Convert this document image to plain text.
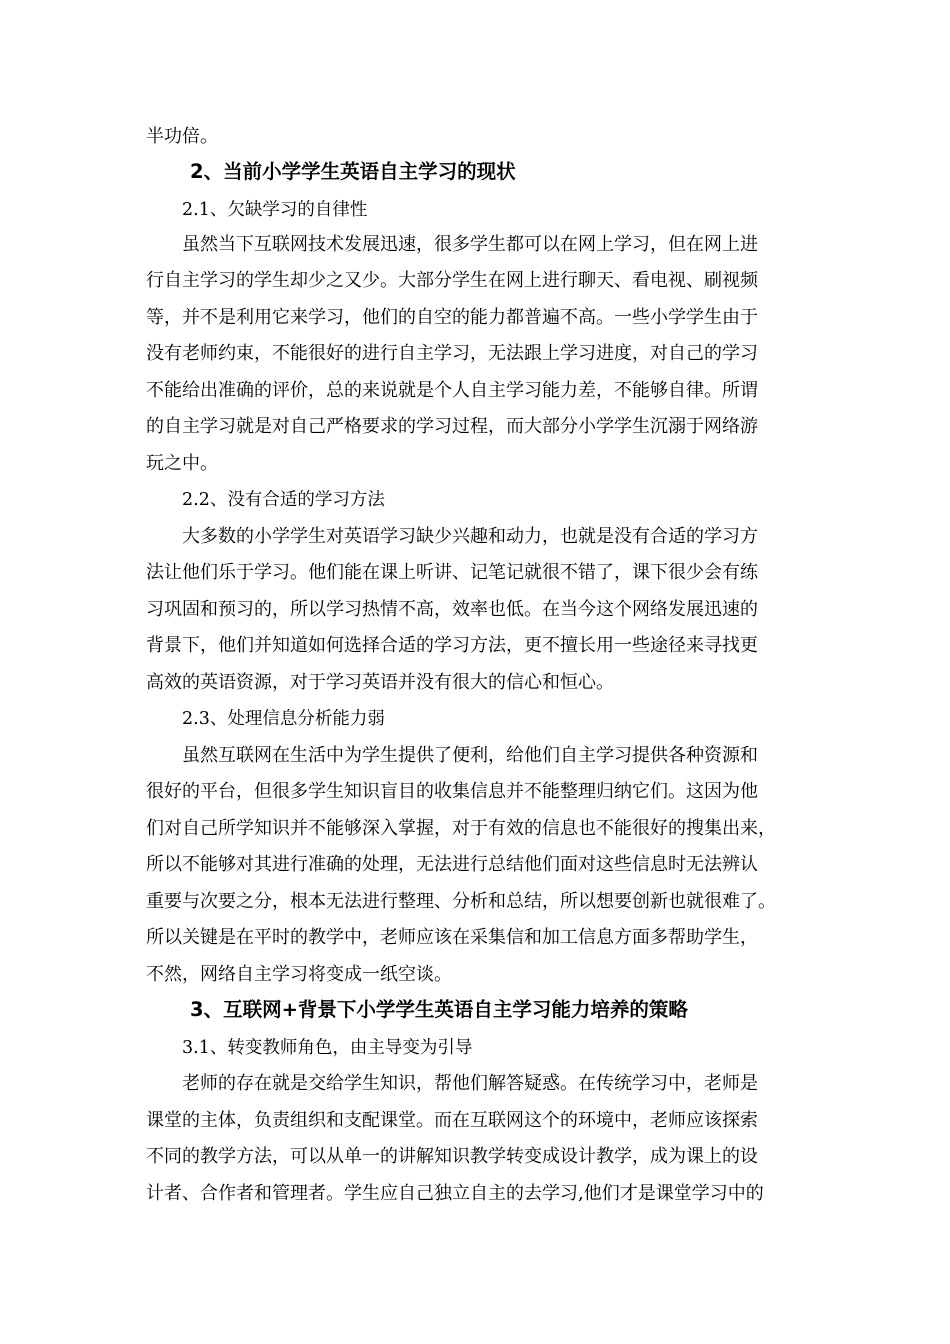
半功倍。
2、当前小学学生英语自主学习的现状
2.1、欠缺学习的自律性
虽然当下互联网技术发展迅速，很多学生都可以在网上学习，但在网上进
行自主学习的学生却少之又少。大部分学生在网上进行聊天、看电视、刷视频
等，并不是利用它来学习，他们的自空的能力都普遍不高。一些小学学生由于
没有老师约束，不能很好的进行自主学习，无法跟上学习进度，对自己的学习
不能给出准确的评价，总的来说就是个人自主学习能力差，不能够自律。所谓
的自主学习就是对自己严格要求的学习过程，而大部分小学学生沉溺于网络游
玩之中。
2.2、没有合适的学习方法
大多数的小学学生对英语学习缺少兴趣和动力，也就是没有合适的学习方
法让他们乐于学习。他们能在课上听讲、记笔记就很不错了，课下很少会有练
习巩固和预习的，所以学习热情不高，效率也低。在当今这个网络发展迅速的
背景下，他们并知道如何选择合适的学习方法，更不擅长用一些途径来寻找更
高效的英语资源，对于学习英语并没有很大的信心和恒心。
2.3、处理信息分析能力弱
虽然互联网在生活中为学生提供了便利，给他们自主学习提供各种资源和
很好的平台，但很多学生知识盲目的收集信息并不能整理归纳它们。这因为他
们对自己所学知识并不能够深入掌握，对于有效的信息也不能很好的搜集出来，
所以不能够对其进行准确的处理，无法进行总结他们面对这些信息时无法辨认
重要与次要之分，根本无法进行整理、分析和总结，所以想要创新也就很难了。
所以关键是在平时的教学中，老师应该在采集信和加工信息方面多帮助学生，
不然，网络自主学习将变成一纸空谈。
3、互联网+背景下小学学生英语自主学习能力培养的策略
3.1、转变教师角色，由主导变为引导
老师的存在就是交给学生知识，帮他们解答疑惑。在传统学习中，老师是
课堂的主体，负责组织和支配课堂。而在互联网这个的环境中，老师应该探索
不同的教学方法，可以从单一的讲解知识教学转变成设计教学，成为课上的设
计者、合作者和管理者。学生应自己独立自主的去学习,他们才是课堂学习中的
